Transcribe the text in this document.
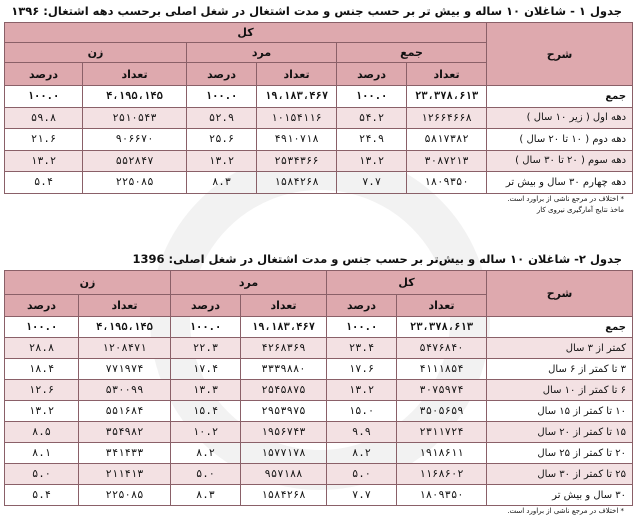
جدول ۱ - شاغلان ۱۰ ساله و بیش تر بر حسب جنس و مدت اشتغال در شغل اصلی برحسب دهه اشتغال: ۱۳۹۶
شرح	کل					
	جمع		مرد		زن	
	تعداد	درصد	تعداد	درصد	تعداد	درصد
جمع	۲۳،۳۷۸،۶۱۳	۱۰۰.۰	۱۹،۱۸۳،۴۶۷	۱۰۰.۰	۴،۱۹۵،۱۴۵	۱۰۰.۰
دهه اول ( زیر ۱۰ سال )	۱۲۶۶۴۶۶۸	۵۴.۲	۱۰۱۵۴۱۱۶	۵۲.۹	۲۵۱۰۵۴۳	۵۹.۸
دهه دوم ( ۱۰ تا ۲۰ سال )	۵۸۱۷۳۸۲	۲۴.۹	۴۹۱۰۷۱۸	۲۵.۶	۹۰۶۶۷۰	۲۱.۶
دهه سوم ( ۲۰ تا ۳۰ سال )	۳۰۸۷۲۱۳	۱۳.۲	۲۵۳۴۳۶۶	۱۳.۲	۵۵۲۸۴۷	۱۳.۲
دهه چهارم ۳۰ سال و بیش تر	۱۸۰۹۳۵۰	۷.۷	۱۵۸۴۲۶۸	۸.۳	۲۲۵۰۸۵	۵.۴
* اختلاف در مرجع ناشی از براورد است.
ماخذ نتایج آمارگیری نیروی کار
جدول ۲- شاغلان ۱۰ ساله و بیش‌تر بر حسب جنس و مدت اشتغال در شغل اصلی: 1396
شرح	کل		مرد		زن	
	تعداد	درصد	تعداد	درصد	تعداد	درصد
جمع	۲۳،۳۷۸،۶۱۳	۱۰۰.۰	۱۹،۱۸۳،۴۶۷	۱۰۰.۰	۴،۱۹۵،۱۴۵	۱۰۰.۰
کمتر از ۳ سال	۵۴۷۶۸۴۰	۲۳.۴	۴۲۶۸۳۶۹	۲۲.۳	۱۲۰۸۴۷۱	۲۸.۸
۳ تا کمتر از ۶ سال	۴۱۱۱۸۵۴	۱۷.۶	۳۳۳۹۸۸۰	۱۷.۴	۷۷۱۹۷۴	۱۸.۴
۶ تا کمتر از ۱۰ سال	۳۰۷۵۹۷۴	۱۳.۲	۲۵۴۵۸۷۵	۱۳.۳	۵۳۰۰۹۹	۱۲.۶
۱۰ تا کمتر از ۱۵ سال	۳۵۰۵۶۵۹	۱۵.۰	۲۹۵۳۹۷۵	۱۵.۴	۵۵۱۶۸۴	۱۳.۲
۱۵ تا کمتر از ۲۰ سال	۲۳۱۱۷۲۴	۹.۹	۱۹۵۶۷۴۳	۱۰.۲	۳۵۴۹۸۲	۸.۵
۲۰ تا کمتر از ۲۵ سال	۱۹۱۸۶۱۱	۸.۲	۱۵۷۷۱۷۸	۸.۲	۳۴۱۴۳۳	۸.۱
۲۵ تا کمتر از ۳۰ سال	۱۱۶۸۶۰۲	۵.۰	۹۵۷۱۸۸	۵.۰	۲۱۱۴۱۳	۵.۰
۳۰ سال و بیش تر	۱۸۰۹۳۵۰	۷.۷	۱۵۸۴۲۶۸	۸.۳	۲۲۵۰۸۵	۵.۴
* اختلاف در مرجع ناشی از براورد است.
